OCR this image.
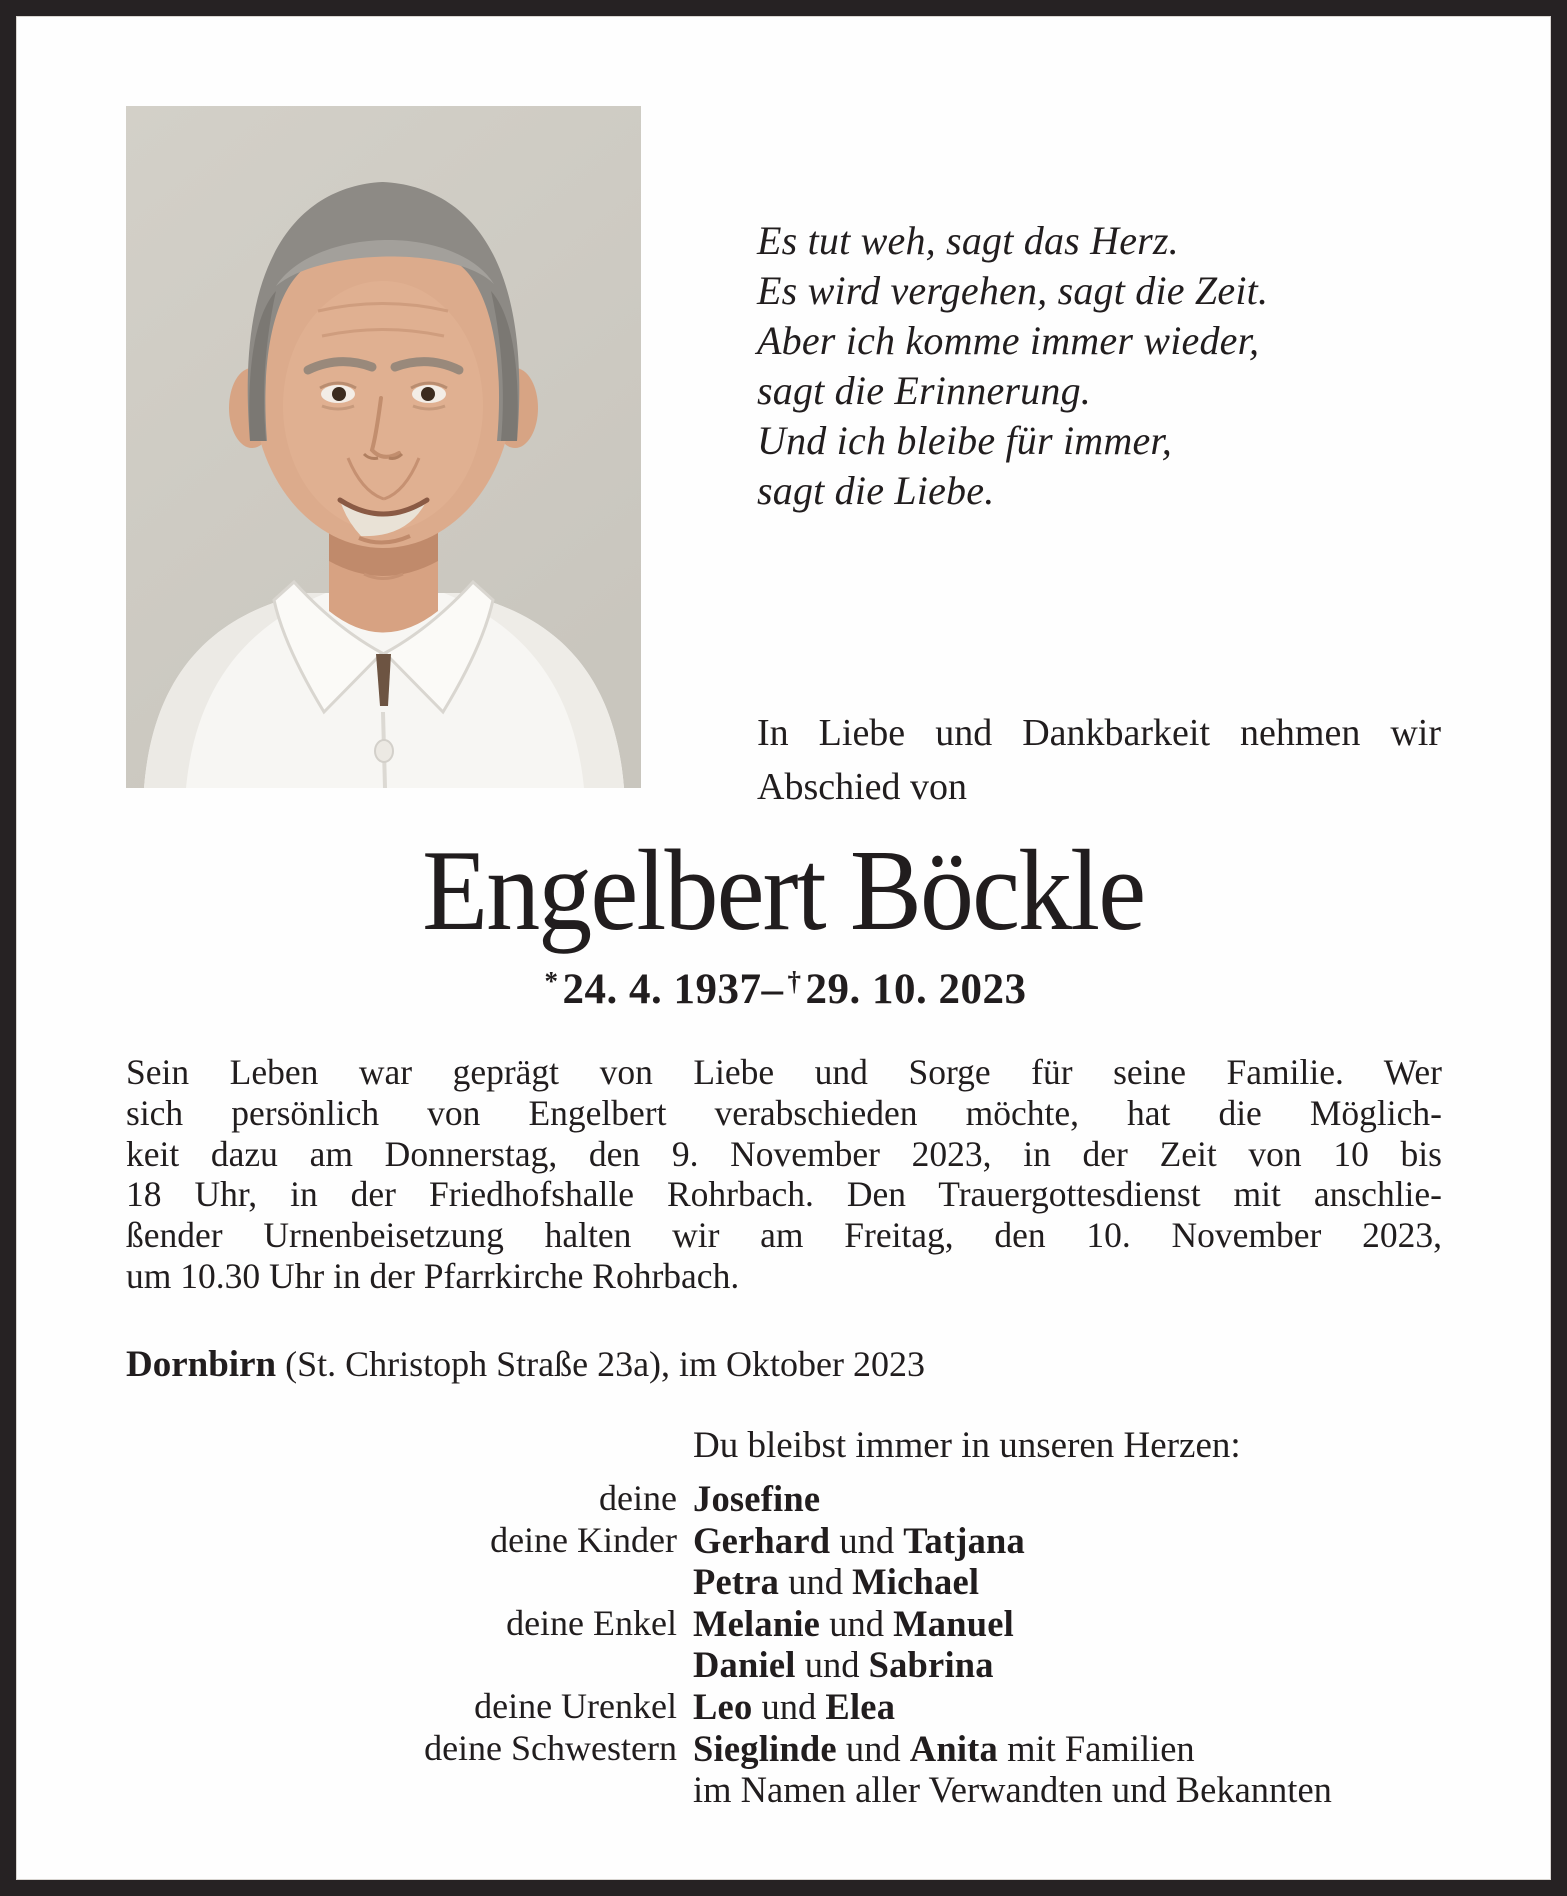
Es tut weh, sagt das Herz.
Es wird vergehen, sagt die Zeit.
Aber ich komme immer wieder,
sagt die Erinnerung.
Und ich bleibe für immer,
sagt die Liebe.
In Liebe und Dankbarkeit nehmen wir
Abschied von
Engelbert Böckle
*24. 4. 1937– †29. 10. 2023
Sein Leben war geprägt von Liebe und Sorge für seine Familie. Wer
sich persönlich von Engelbert verabschieden möchte, hat die Möglich-
keit dazu am Donnerstag, den 9. November 2023, in der Zeit von 10 bis
18 Uhr, in der Friedhofshalle Rohrbach. Den Trauergottesdienst mit anschlie-
ßender Urnenbeisetzung halten wir am Freitag, den 10. November 2023,
um 10.30 Uhr in der Pfarrkirche Rohrbach.
Dornbirn (St. Christoph Straße 23a), im Oktober 2023
Du bleibst immer in unseren Herzen:
deine Josefine
deine Kinder Gerhard und Tatjana
Petra und Michael
deine Enkel Melanie und Manuel
Daniel und Sabrina
deine Urenkel Leo und Elea
deine Schwestern Sieglinde und Anita mit Familien
im Namen aller Verwandten und Bekannten
